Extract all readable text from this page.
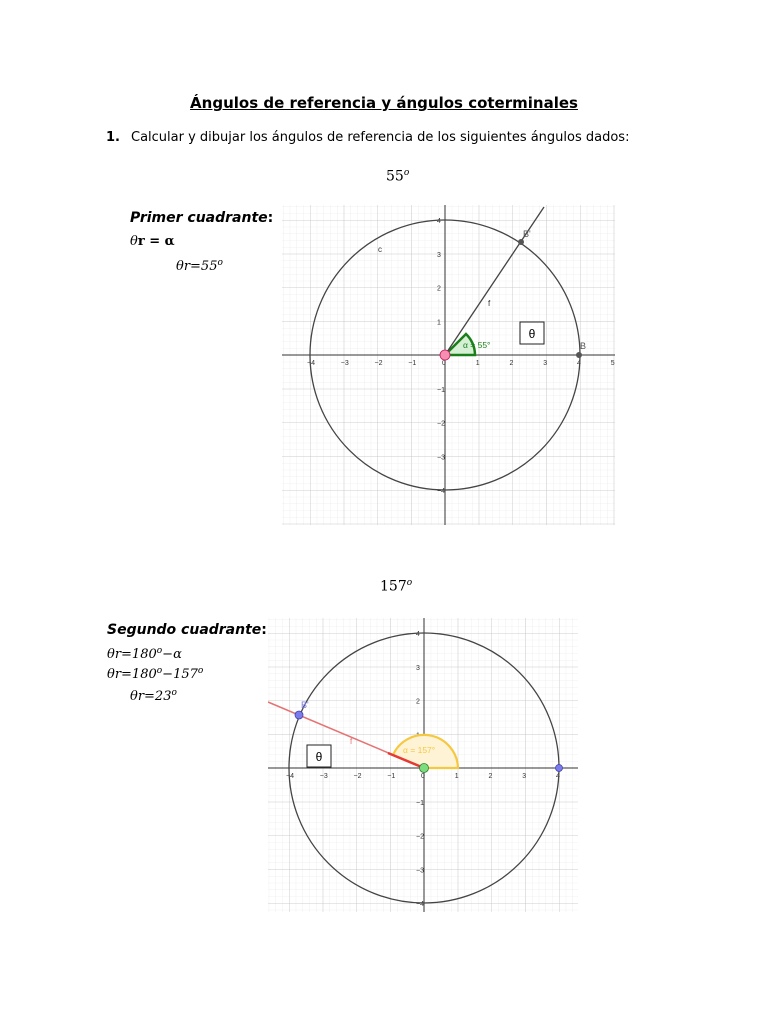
Ángulos de referencia y ángulos coterminales
1. Calcular y dibujar los ángulos de referencia de los siguientes ángulos dados:
55$^o$
Primer cuadrante:
θr = α
$\theta r=55^o$
−4	−3	−2	−1	0	1	2	3	4	5
4
3
2
1
−1
−2
−3
−4
B'
B
c
f
α = 55°
θ
157$^o$
Segundo cuadrante:
$\theta r=180^o-\alpha$
$\theta r=180^o-157^o$
$\theta r=23^o$
−4	−3	−2	−1	0	1	2	3	4
4
3
2
−1
−2
−3
−4
α = 157°
f
B'
θ
